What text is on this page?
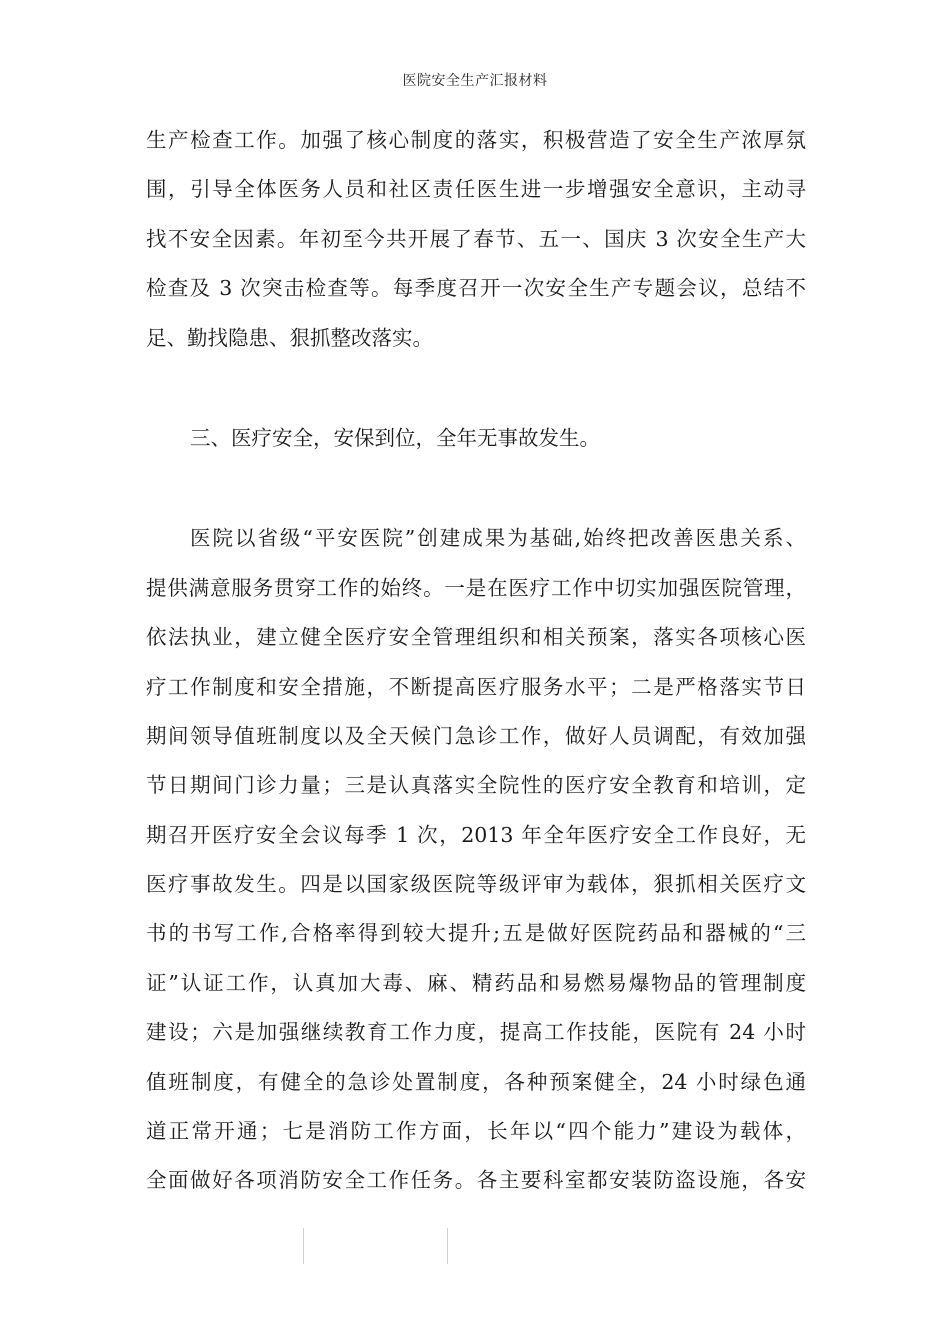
医院安全生产汇报材料
生产检查工作。加强了核心制度的落实，积极营造了安全生产浓厚氛
围，引导全体医务人员和社区责任医生进一步增强安全意识，主动寻
找不安全因素。年初至今共开展了春节、五一、国庆 3 次安全生产大
检查及 3 次突击检查等。每季度召开一次安全生产专题会议，总结不
足、勤找隐患、狠抓整改落实。
三、医疗安全，安保到位，全年无事故发生。
医院以省级“平安医院”创建成果为基础,始终把改善医患关系、
提供满意服务贯穿工作的始终。一是在医疗工作中切实加强医院管理，
依法执业，建立健全医疗安全管理组织和相关预案，落实各项核心医
疗工作制度和安全措施，不断提高医疗服务水平；二是严格落实节日
期间领导值班制度以及全天候门急诊工作，做好人员调配，有效加强
节日期间门诊力量；三是认真落实全院性的医疗安全教育和培训，定
期召开医疗安全会议每季 1 次，2013 年全年医疗安全工作良好，无
医疗事故发生。四是以国家级医院等级评审为载体，狠抓相关医疗文
书的书写工作,合格率得到较大提升;五是做好医院药品和器械的“三
证”认证工作，认真加大毒、麻、精药品和易燃易爆物品的管理制度
建设；六是加强继续教育工作力度，提高工作技能，医院有 24 小时
值班制度，有健全的急诊处置制度，各种预案健全，24 小时绿色通
道正常开通；七是消防工作方面，长年以“四个能力”建设为载体，
全面做好各项消防安全工作任务。各主要科室都安装防盗设施，各安
